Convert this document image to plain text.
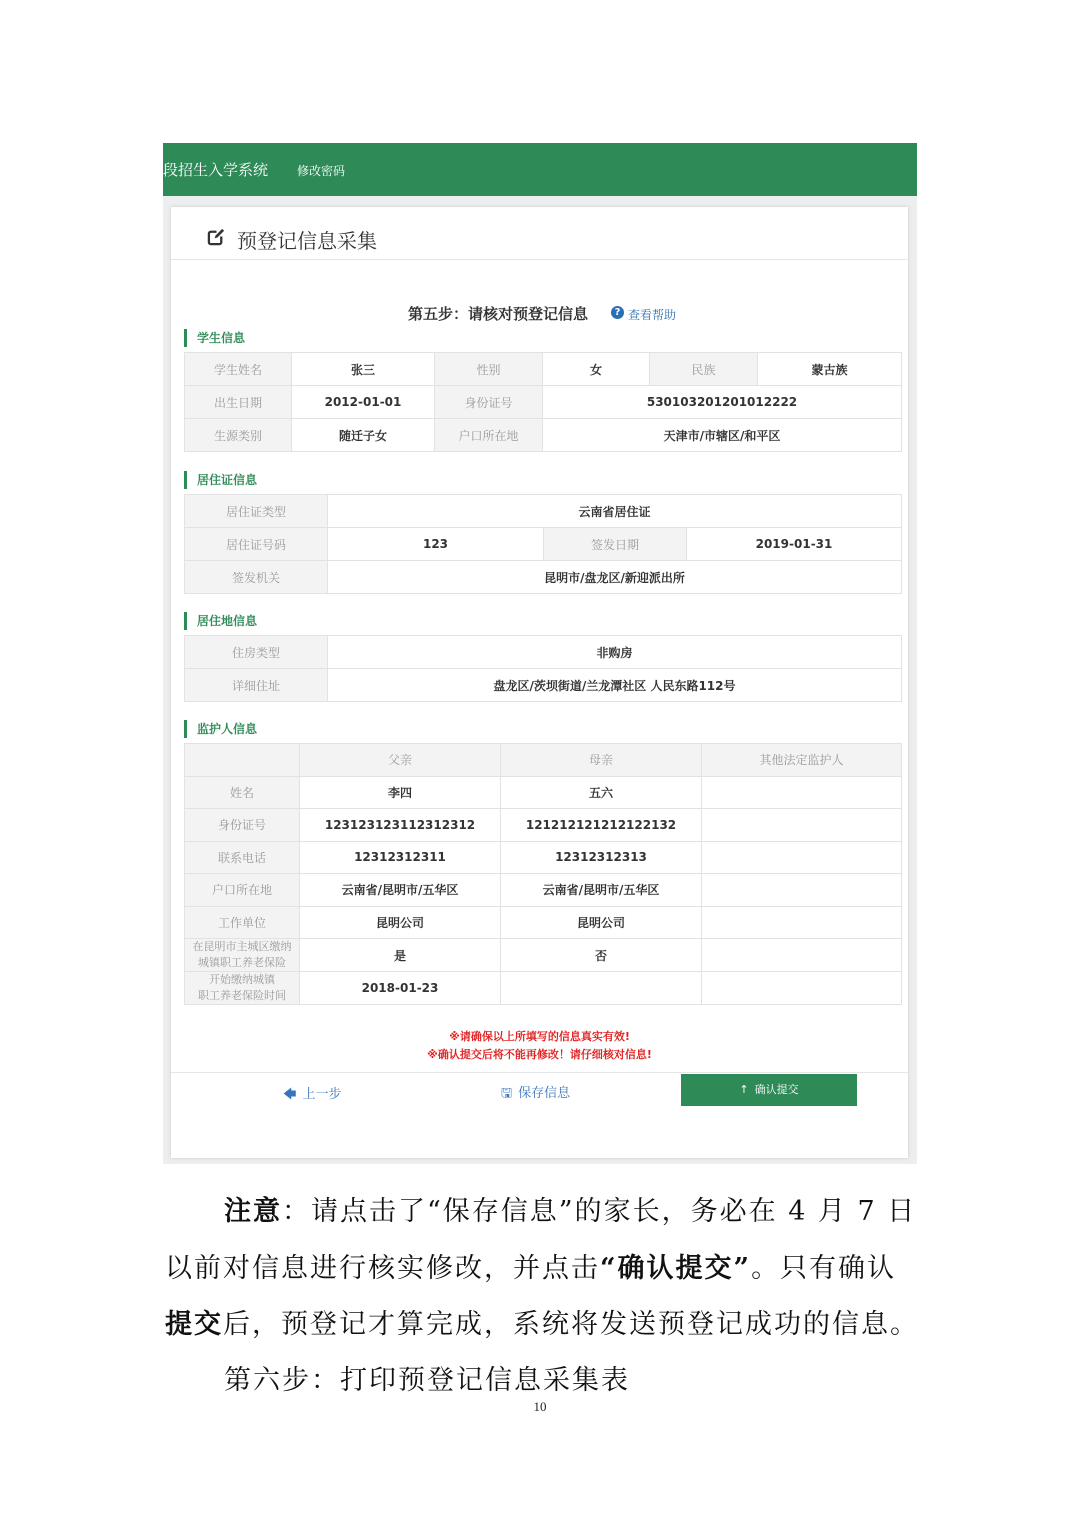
段招生入学系统 修改密码
预登记信息采集
第五步：请核对预登记信息	? 查看帮助
学生信息
学生姓名	张三	性别	女	民族	蒙古族
出生日期	2012-01-01	身份证号	530103201201012222		
生源类别	随迁子女	户口所在地	天津市/市辖区/和平区		
居住证信息
居住证类型	云南省居住证		
居住证号码	123	签发日期	2019-01-31
签发机关	昆明市/盘龙区/新迎派出所		
居住地信息
住房类型	非购房
详细住址	盘龙区/茨坝街道/兰龙潭社区 人民东路112号
监护人信息
	父亲	母亲	其他法定监护人
姓名	李四	五六	
身份证号	123123123112312312	121212121212122132	
联系电话	12312312311	12312312313	
户口所在地	云南省/昆明市/五华区	云南省/昆明市/五华区	
工作单位	昆明公司	昆明公司	
在昆明市主城区缴纳
城镇职工养老保险	是	否	
开始缴纳城镇
职工养老保险时间	2018-01-23		
※请确保以上所填写的信息真实有效!
※确认提交后将不能再修改！请仔细核对信息!
🡄 上一步	🖫 保存信息	↑ 确认提交
注意：请点击了“保存信息”的家长，务必在 4 月 7 日
以前对信息进行核实修改，并点击“确认提交”。只有确认
提交后，预登记才算完成，系统将发送预登记成功的信息。
第六步：打印预登记信息采集表
10
